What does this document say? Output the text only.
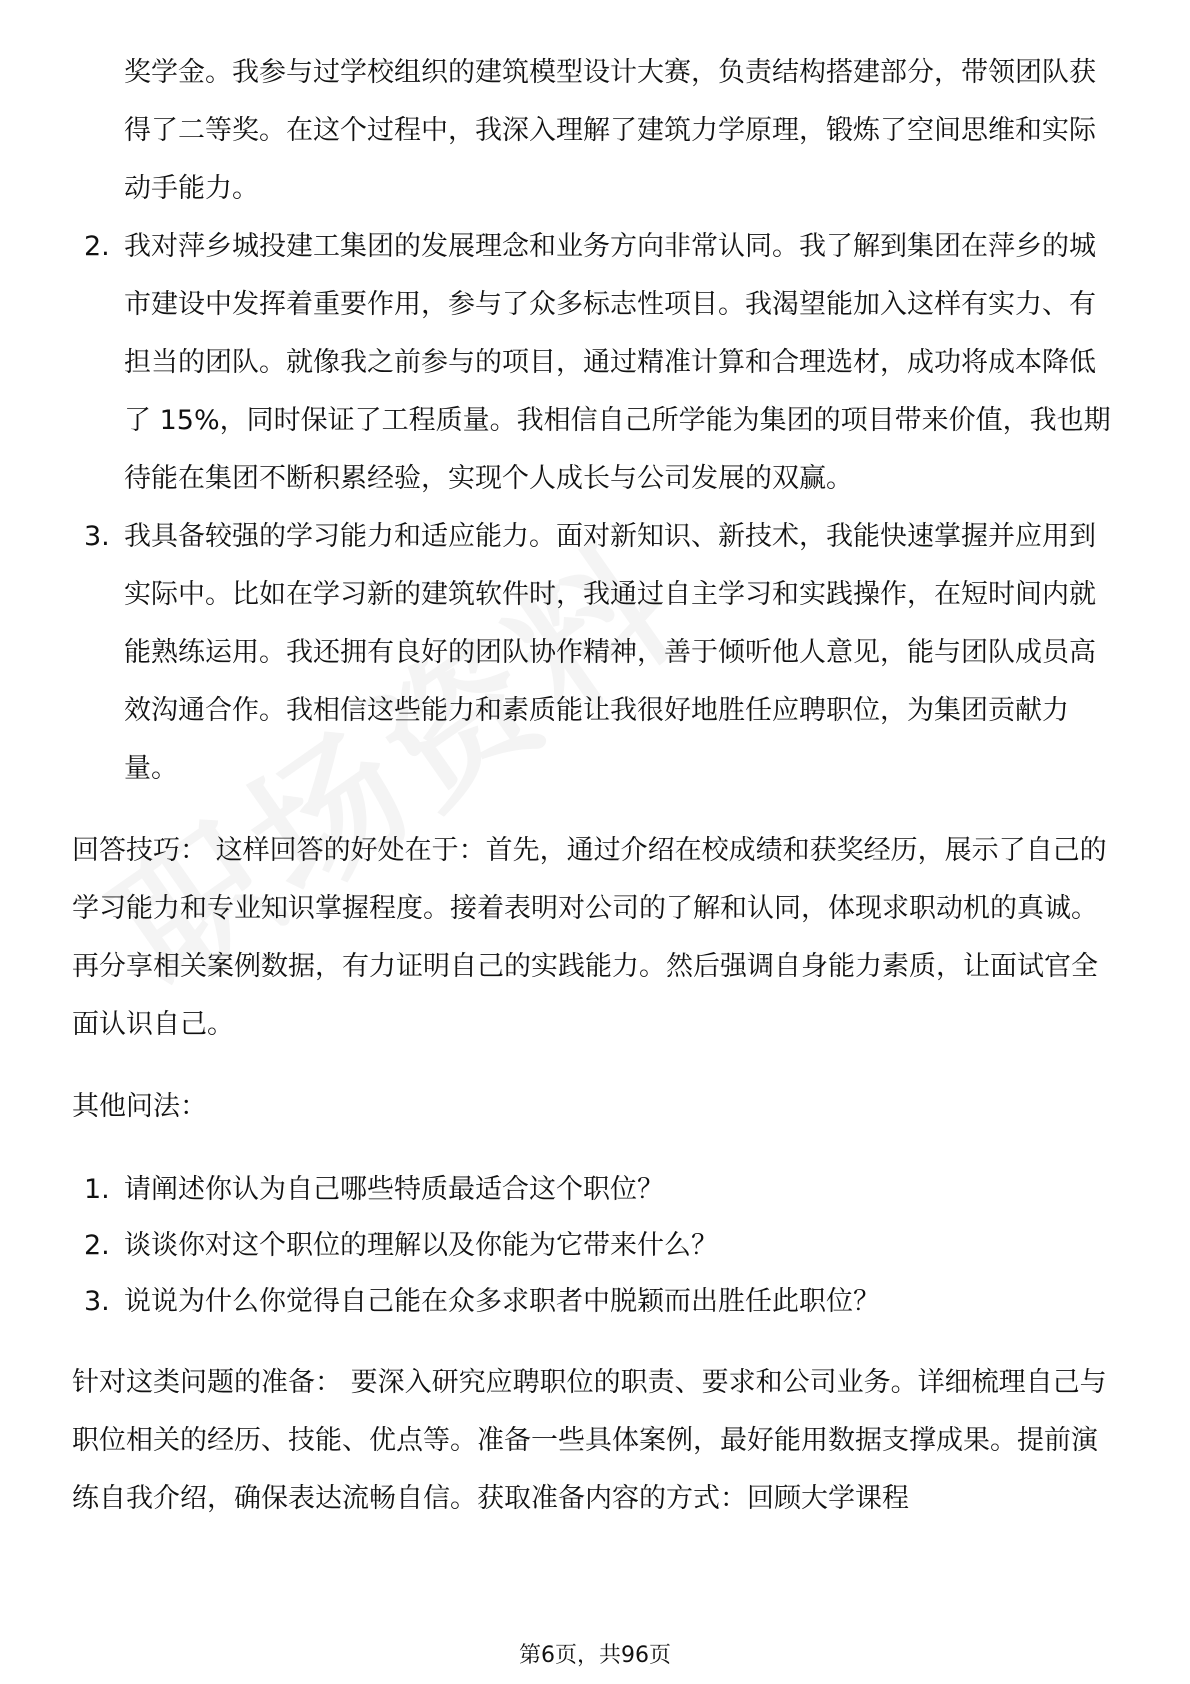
奖学金。我参与过学校组织的建筑模型设计大赛，负责结构搭建部分，带领团队获得了二等奖。在这个过程中，我深入理解了建筑力学原理，锻炼了空间思维和实际动手能力。
2. 我对萍乡城投建工集团的发展理念和业务方向非常认同。我了解到集团在萍乡的城市建设中发挥着重要作用，参与了众多标志性项目。我渴望能加入这样有实力、有担当的团队。就像我之前参与的项目，通过精准计算和合理选材，成功将成本降低了 15%，同时保证了工程质量。我相信自己所学能为集团的项目带来价值，我也期待能在集团不断积累经验，实现个人成长与公司发展的双赢。
3. 我具备较强的学习能力和适应能力。面对新知识、新技术，我能快速掌握并应用到实际中。比如在学习新的建筑软件时，我通过自主学习和实践操作，在短时间内就能熟练运用。我还拥有良好的团队协作精神，善于倾听他人意见，能与团队成员高效沟通合作。我相信这些能力和素质能让我很好地胜任应聘职位，为集团贡献力量。

回答技巧： 这样回答的好处在于：首先，通过介绍在校成绩和获奖经历，展示了自己的学习能力和专业知识掌握程度。接着表明对公司的了解和认同，体现求职动机的真诚。再分享相关案例数据，有力证明自己的实践能力。然后强调自身能力素质，让面试官全面认识自己。

其他问法：

1. 请阐述你认为自己哪些特质最适合这个职位？
2. 谈谈你对这个职位的理解以及你能为它带来什么？
3. 说说为什么你觉得自己能在众多求职者中脱颖而出胜任此职位？

针对这类问题的准备： 要深入研究应聘职位的职责、要求和公司业务。详细梳理自己与职位相关的经历、技能、优点等。准备一些具体案例，最好能用数据支撑成果。提前演练自我介绍，确保表达流畅自信。获取准备内容的方式：回顾大学课程

第6页，共96页
